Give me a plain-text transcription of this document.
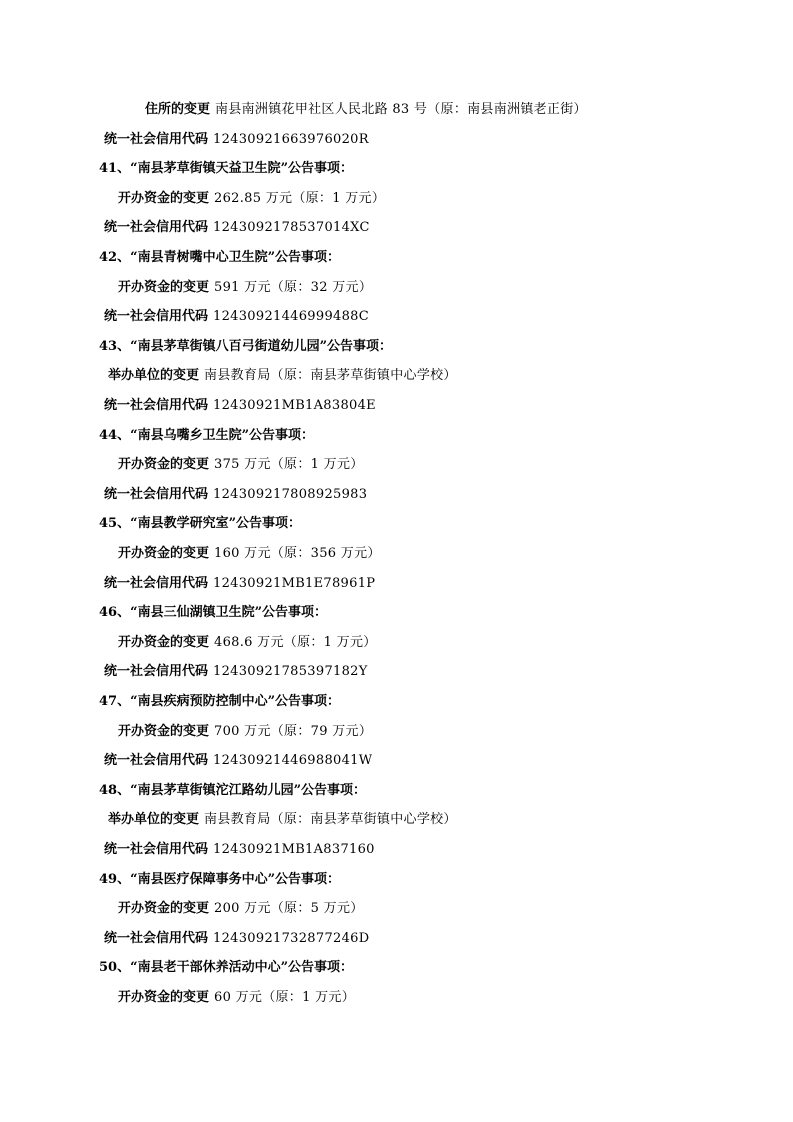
住所的变更 南县南洲镇花甲社区人民北路 83 号（原：南县南洲镇老正街）
统一社会信用代码 12430921663976020R
41、“南县茅草街镇天益卫生院”公告事项：
开办资金的变更 262.85 万元（原：1 万元）
统一社会信用代码 1243092178537014XC
42、“南县青树嘴中心卫生院”公告事项：
开办资金的变更 591 万元（原：32 万元）
统一社会信用代码 12430921446999488C
43、“南县茅草街镇八百弓街道幼儿园”公告事项：
举办单位的变更 南县教育局（原：南县茅草街镇中心学校）
统一社会信用代码 12430921MB1A83804E
44、“南县乌嘴乡卫生院”公告事项：
开办资金的变更 375 万元（原：1 万元）
统一社会信用代码 124309217808925983
45、“南县教学研究室”公告事项：
开办资金的变更 160 万元（原：356 万元）
统一社会信用代码 12430921MB1E78961P
46、“南县三仙湖镇卫生院”公告事项：
开办资金的变更 468.6 万元（原：1 万元）
统一社会信用代码 12430921785397182Y
47、“南县疾病预防控制中心”公告事项：
开办资金的变更 700 万元（原：79 万元）
统一社会信用代码 12430921446988041W
48、“南县茅草街镇沱江路幼儿园”公告事项：
举办单位的变更 南县教育局（原：南县茅草街镇中心学校）
统一社会信用代码 12430921MB1A837160
49、“南县医疗保障事务中心”公告事项：
开办资金的变更 200 万元（原：5 万元）
统一社会信用代码 12430921732877246D
50、“南县老干部休养活动中心”公告事项：
开办资金的变更 60 万元（原：1 万元）
